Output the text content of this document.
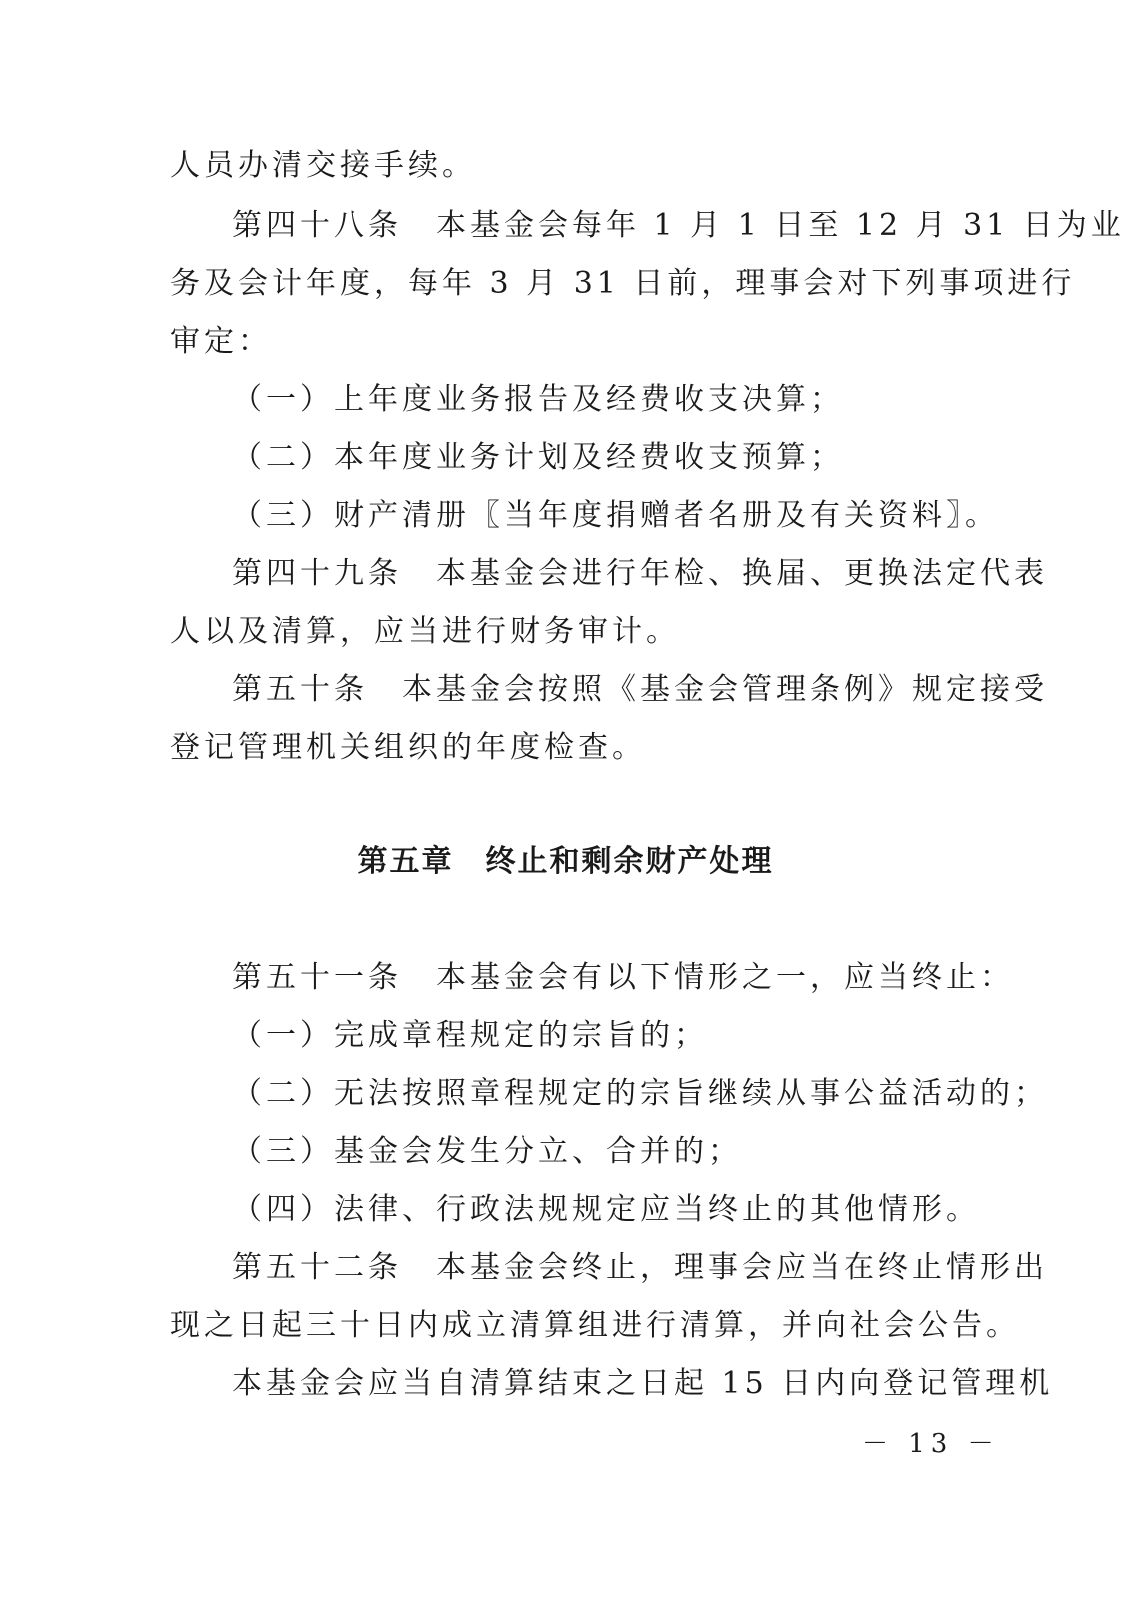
人员办清交接手续。
第四十八条　本基金会每年 1 月 1 日至 12 月 31 日为业
务及会计年度，每年 3 月 31 日前，理事会对下列事项进行
审定：
（一）上年度业务报告及经费收支决算；
（二）本年度业务计划及经费收支预算；
（三）财产清册〖当年度捐赠者名册及有关资料〗。
第四十九条　本基金会进行年检、换届、更换法定代表
人以及清算，应当进行财务审计。
第五十条　本基金会按照《基金会管理条例》规定接受
登记管理机关组织的年度检查。
第五章　终止和剩余财产处理
第五十一条　本基金会有以下情形之一，应当终止：
（一）完成章程规定的宗旨的；
（二）无法按照章程规定的宗旨继续从事公益活动的；
（三）基金会发生分立、合并的；
（四）法律、行政法规规定应当终止的其他情形。
第五十二条　本基金会终止，理事会应当在终止情形出
现之日起三十日内成立清算组进行清算，并向社会公告。
本基金会应当自清算结束之日起 15 日内向登记管理机
－ 13 －
